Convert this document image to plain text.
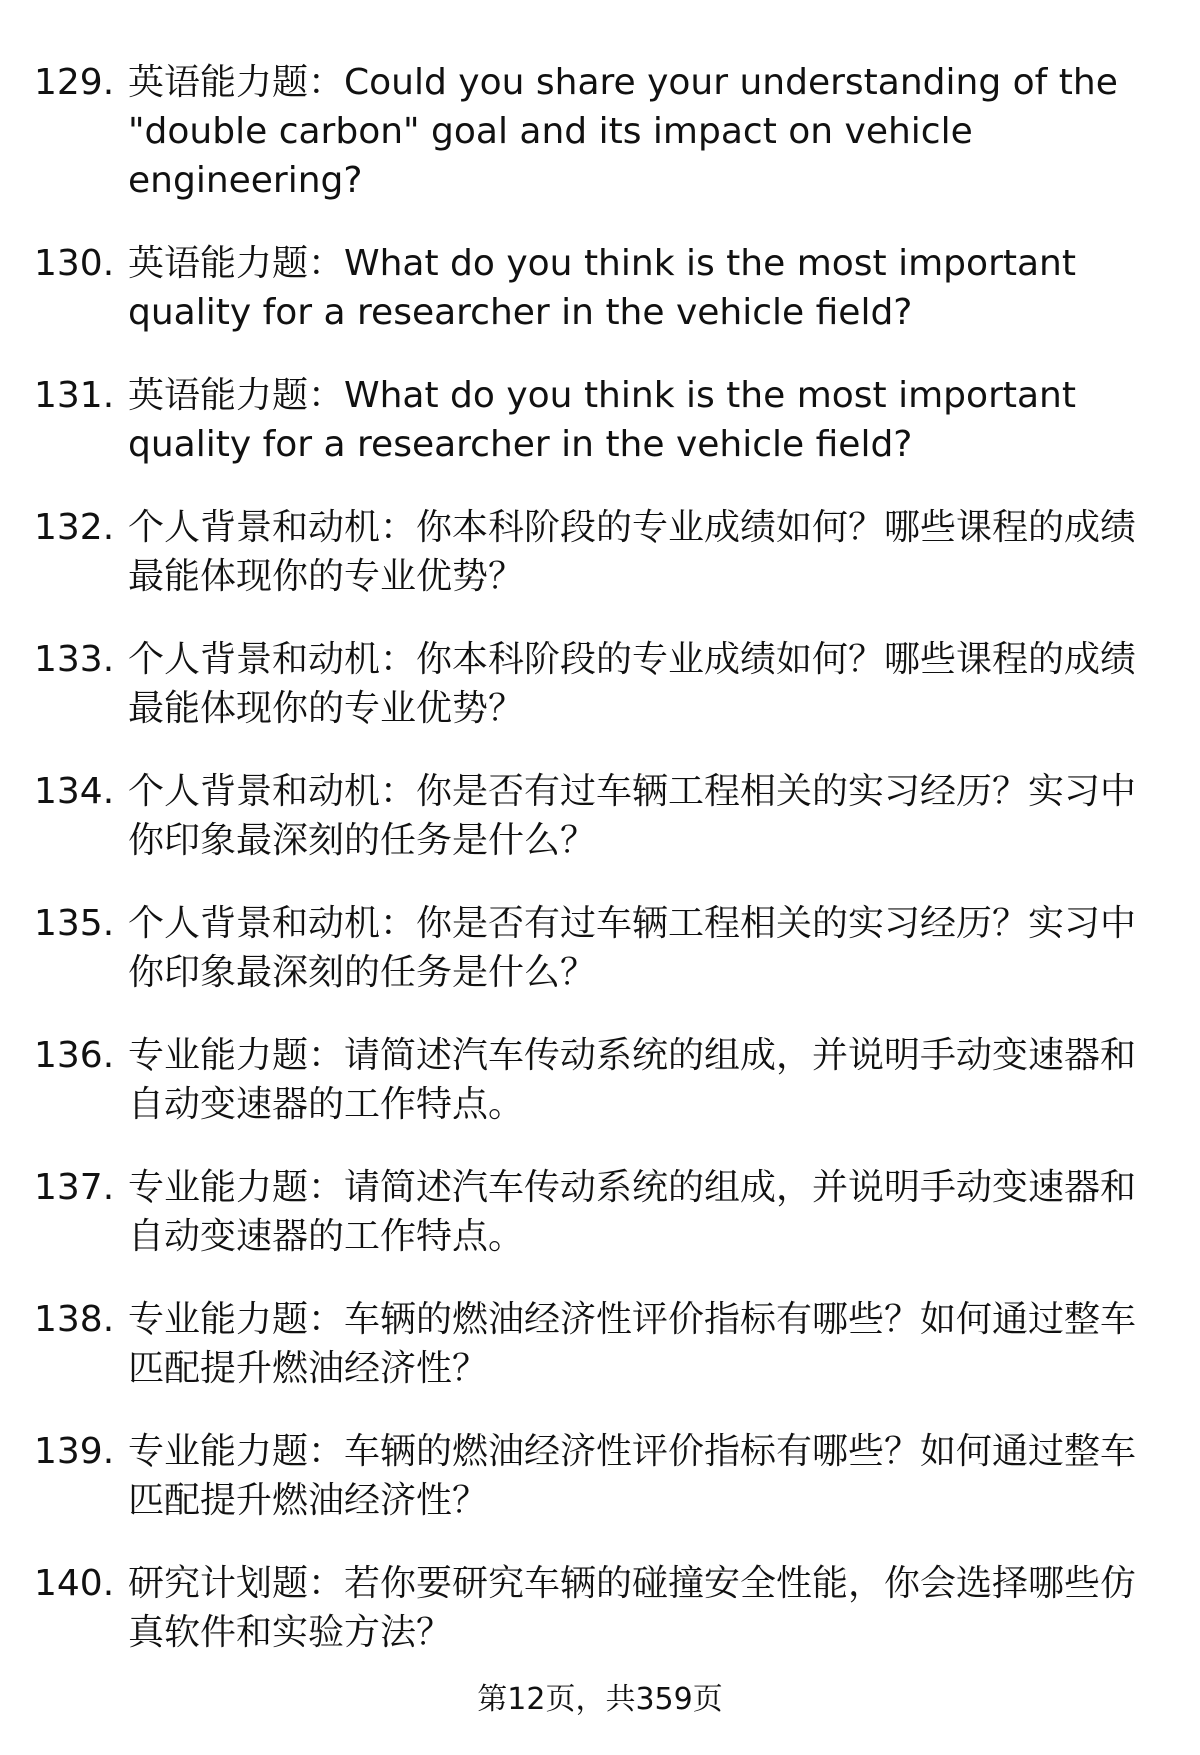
129. 英语能力题：Could you share your understanding of the "double carbon" goal and its impact on vehicle engineering?
130. 英语能力题：What do you think is the most important quality for a researcher in the vehicle field?
131. 英语能力题：What do you think is the most important quality for a researcher in the vehicle field?
132. 个人背景和动机：你本科阶段的专业成绩如何？哪些课程的成绩最能体现你的专业优势？
133. 个人背景和动机：你本科阶段的专业成绩如何？哪些课程的成绩最能体现你的专业优势？
134. 个人背景和动机：你是否有过车辆工程相关的实习经历？实习中你印象最深刻的任务是什么？
135. 个人背景和动机：你是否有过车辆工程相关的实习经历？实习中你印象最深刻的任务是什么？
136. 专业能力题：请简述汽车传动系统的组成，并说明手动变速器和自动变速器的工作特点。
137. 专业能力题：请简述汽车传动系统的组成，并说明手动变速器和自动变速器的工作特点。
138. 专业能力题：车辆的燃油经济性评价指标有哪些？如何通过整车匹配提升燃油经济性？
139. 专业能力题：车辆的燃油经济性评价指标有哪些？如何通过整车匹配提升燃油经济性？
140. 研究计划题：若你要研究车辆的碰撞安全性能，你会选择哪些仿真软件和实验方法？
第12页，共359页
